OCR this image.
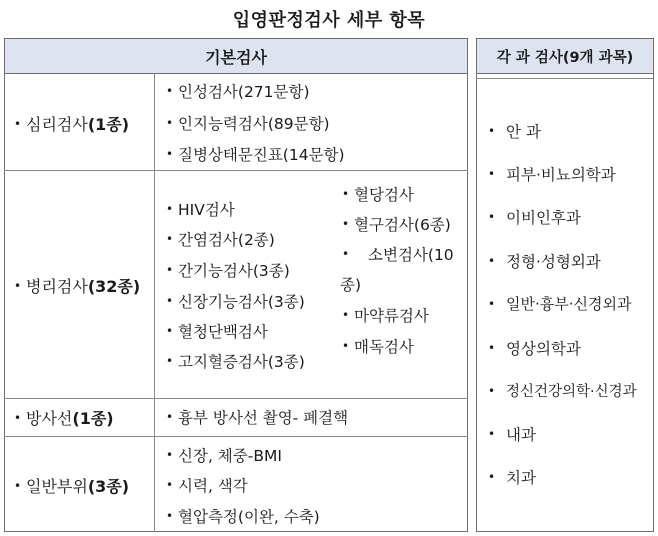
입영판정검사 세부 항목
기본검사
• 심리검사 (1종)
• 인성검사(271문항)
• 인지능력검사(89문항)
• 질병상태문진표(14문항)
• 병리검사 (32종)
• HIV검사
• 간염검사(2종)
• 간기능검사(3종)
• 신장기능검사(3종)
• 혈청단백검사
• 고지혈증검사(3종)
• 혈당검사
• 혈구검사(6종)
•	소변검사(10
종)
• 마약류검사
• 매독검사
• 방사선 (1종)	• 흉부 방사선 촬영- 폐결핵
• 일반부위 (3종)
• 신장, 체중-BMI
• 시력, 색각
• 혈압측정(이완, 수축)
각 과 검사(9개 과목)
• 안 과
• 피부·비뇨의학과
• 이비인후과
• 정형·성형외과
• 일반·흉부·신경외과
• 영상의학과
• 정신건강의학·신경과
• 내과
• 치과
